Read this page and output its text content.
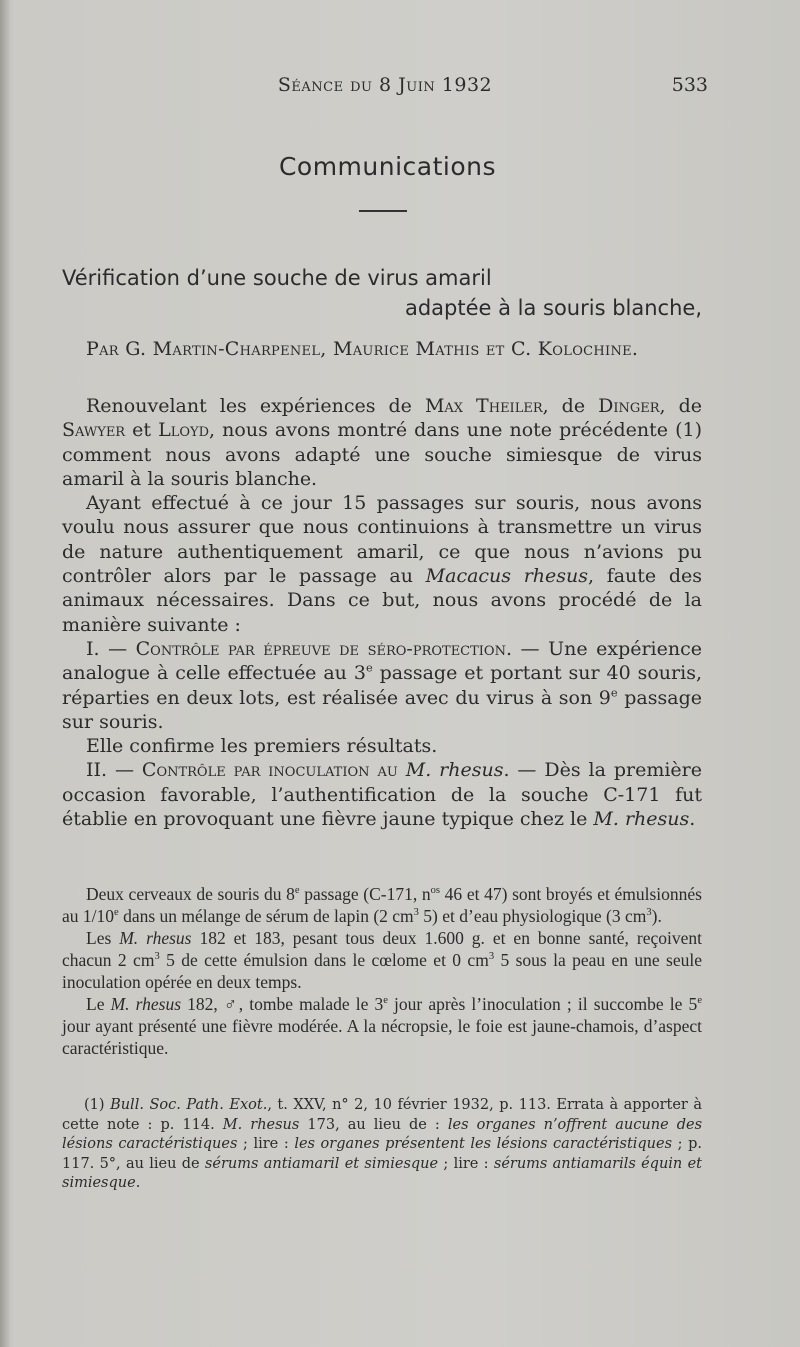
Séance du 8 Juin 1932	533
Communications
Vérification d’une souche de virus amaril
adaptée à la souris blanche,
Par G. Martin-Charpenel, Maurice Mathis et C. Kolochine.

Renouvelant les expériences de Max Theiler, de Dinger, de Sawyer et Lloyd, nous avons montré dans une note précédente (1) comment nous avons adapté une souche simiesque de virus amaril à la souris blanche.

Ayant effectué à ce jour 15 passages sur souris, nous avons voulu nous assurer que nous continuions à transmettre un virus de nature authentiquement amaril, ce que nous n’avions pu contrôler alors par le passage au Macacus rhesus, faute des animaux nécessaires. Dans ce but, nous avons procédé de la manière suivante :

I. — Contrôle par épreuve de séro-protection. — Une expérience analogue à celle effectuée au 3e passage et portant sur 40 souris, réparties en deux lots, est réalisée avec du virus à son 9e passage sur souris.

Elle confirme les premiers résultats.

II. — Contrôle par inoculation au M. rhesus. — Dès la première occasion favorable, l’authentification de la souche C-171 fut établie en provoquant une fièvre jaune typique chez le M. rhesus.

Deux cerveaux de souris du 8e passage (C-171, $n^{os}$ 46 et 47) sont broyés et émulsionnés au 1/10e dans un mélange de sérum de lapin (2 $cm^3$ 5) et d’eau physiologique (3 $cm^3$).

Les M. rhesus 182 et 183, pesant tous deux 1.600 g. et en bonne santé, reçoivent chacun 2 $cm^3$ 5 de cette émulsion dans le cœlome et 0 $cm^3$ 5 sous la peau en une seule inoculation opérée en deux temps.

Le M. rhesus 182, ♂, tombe malade le 3e jour après l’inoculation ; il succombe le 5e jour ayant présenté une fièvre modérée. A la nécropsie, le foie est jaune-chamois, d’aspect caractéristique.

(1) Bull. Soc. Path. Exot., t. XXV, n° 2, 10 février 1932, p. 113. Errata à apporter à cette note : p. 114. M. rhesus 173, au lieu de : les organes n’offrent aucune des lésions caractéristiques ; lire : les organes présentent les lésions caractéristiques ; p. 117. 5°, au lieu de sérums antiamaril et simiesque ; lire : sérums antiamarils équin et simiesque.
